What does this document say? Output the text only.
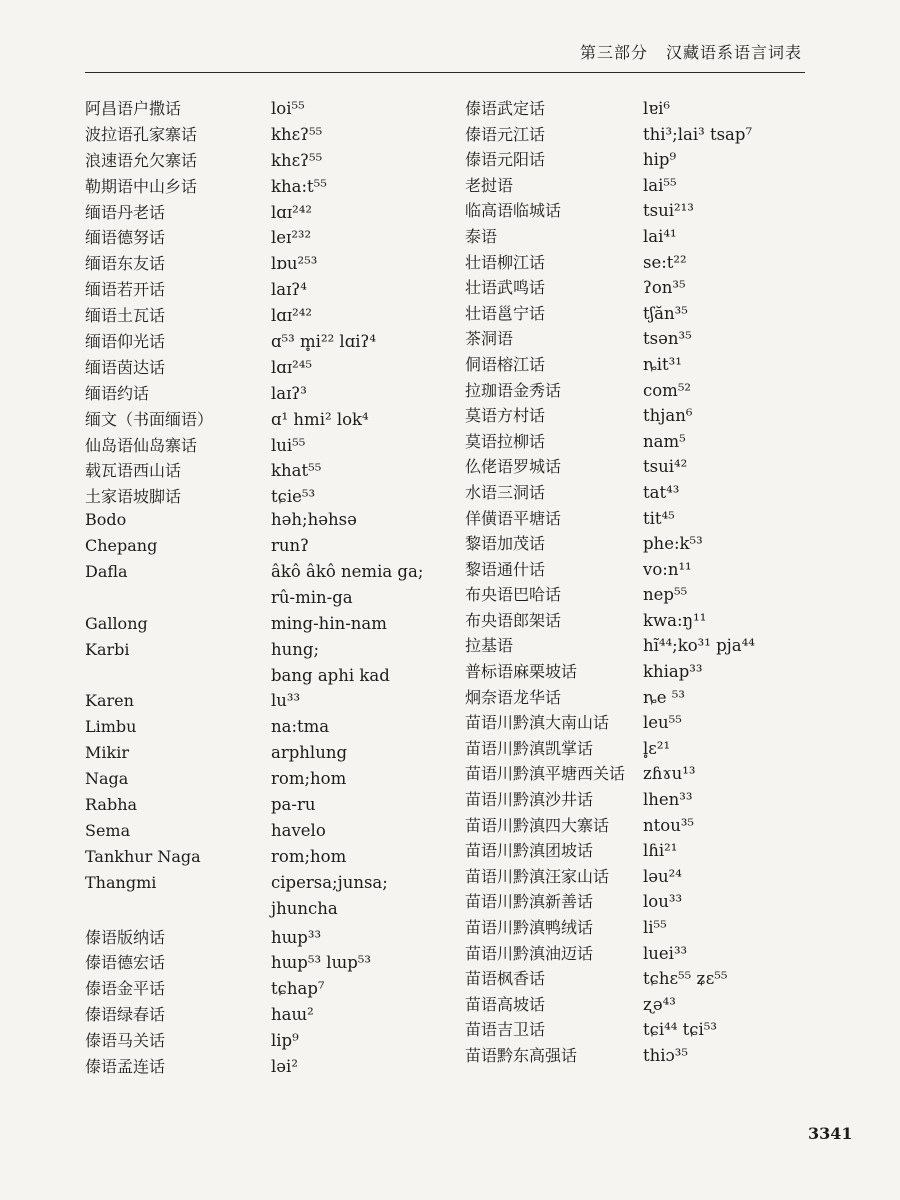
第三部分 汉藏语系语言词表
阿昌语户撒话	loi⁵⁵
波拉语孔家寨话	khɛʔ⁵⁵
浪速语允欠寨话	khɛʔ⁵⁵
勒期语中山乡话	kha:t⁵⁵
缅语丹老话	lɑɪ²⁴²
缅语德努话	leɪ²³²
缅语东友话	lɒu²⁵³
缅语若开话	laɪʔ⁴
缅语土瓦话	lɑɪ²⁴²
缅语仰光话	ɑ⁵³ m̥i²² lɑiʔ⁴
缅语茵达话	lɑɪ²⁴⁵
缅语约话	laɪʔ³
缅文（书面缅语）	ɑ¹ hmi² lok⁴
仙岛语仙岛寨话	lui⁵⁵
载瓦语西山话	khat⁵⁵
土家语坡脚话	tɕie⁵³
Bodo	həh;həhsə
Chepang	runʔ
Dafla	âkô âkô nemia ga;
rû-min-ga
Gallong	ming-hin-nam
Karbi	hung;
bang aphi kad
Karen	lu³³
Limbu	na:tma
Mikir	arphlung
Naga	rom;hom
Rabha	pa-ru
Sema	havelo
Tankhur Naga	rom;hom
Thangmi	cipersa;junsa;
jhuncha
傣语版纳话	hɯp³³
傣语德宏话	hɯp⁵³ lɯp⁵³
傣语金平话	tɕhap⁷
傣语绿春话	haɯ²
傣语马关话	lip⁹
傣语孟连话	ləi²
傣语武定话	lɐi⁶
傣语元江话	thi³;lai³ tsap⁷
傣语元阳话	hip⁹
老挝语	lai⁵⁵
临高语临城话	tsui²¹³
泰语	lai⁴¹
壮语柳江话	se:t²²
壮语武鸣话	ʔon³⁵
壮语邕宁话	tʃăn³⁵
茶洞语	tsən³⁵
侗语榕江话	ȵit³¹
拉珈语金秀话	com⁵²
莫语方村话	thjan⁶
莫语拉柳话	nam⁵
仫佬语罗城话	tsui⁴²
水语三洞话	tat⁴³
佯僙语平塘话	tit⁴⁵
黎语加茂话	phe:k⁵³
黎语通什话	vo:n¹¹
布央语巴哈话	nep⁵⁵
布央语郎架话	kwa:ŋ¹¹
拉基语	hĩ⁴⁴;ko³¹ pja⁴⁴
普标语麻栗坡话	khiap³³
炯奈语龙华话	ȵe ⁵³
苗语川黔滇大南山话	leu⁵⁵
苗语川黔滇凯掌话	l̥ɛ²¹
苗语川黔滇平塘西关话	zɦɤu¹³
苗语川黔滇沙井话	lhen³³
苗语川黔滇四大寨话	ntou³⁵
苗语川黔滇团坡话	lɦi²¹
苗语川黔滇汪家山话	ləu²⁴
苗语川黔滇新善话	lou³³
苗语川黔滇鸭绒话	li⁵⁵
苗语川黔滇油迈话	luei³³
苗语枫香话	tɕhɛ⁵⁵ ʑɛ⁵⁵
苗语高坡话	ʐə⁴³
苗语吉卫话	tɕi⁴⁴ tɕi⁵³
苗语黔东高强话	thiɔ³⁵
3341
